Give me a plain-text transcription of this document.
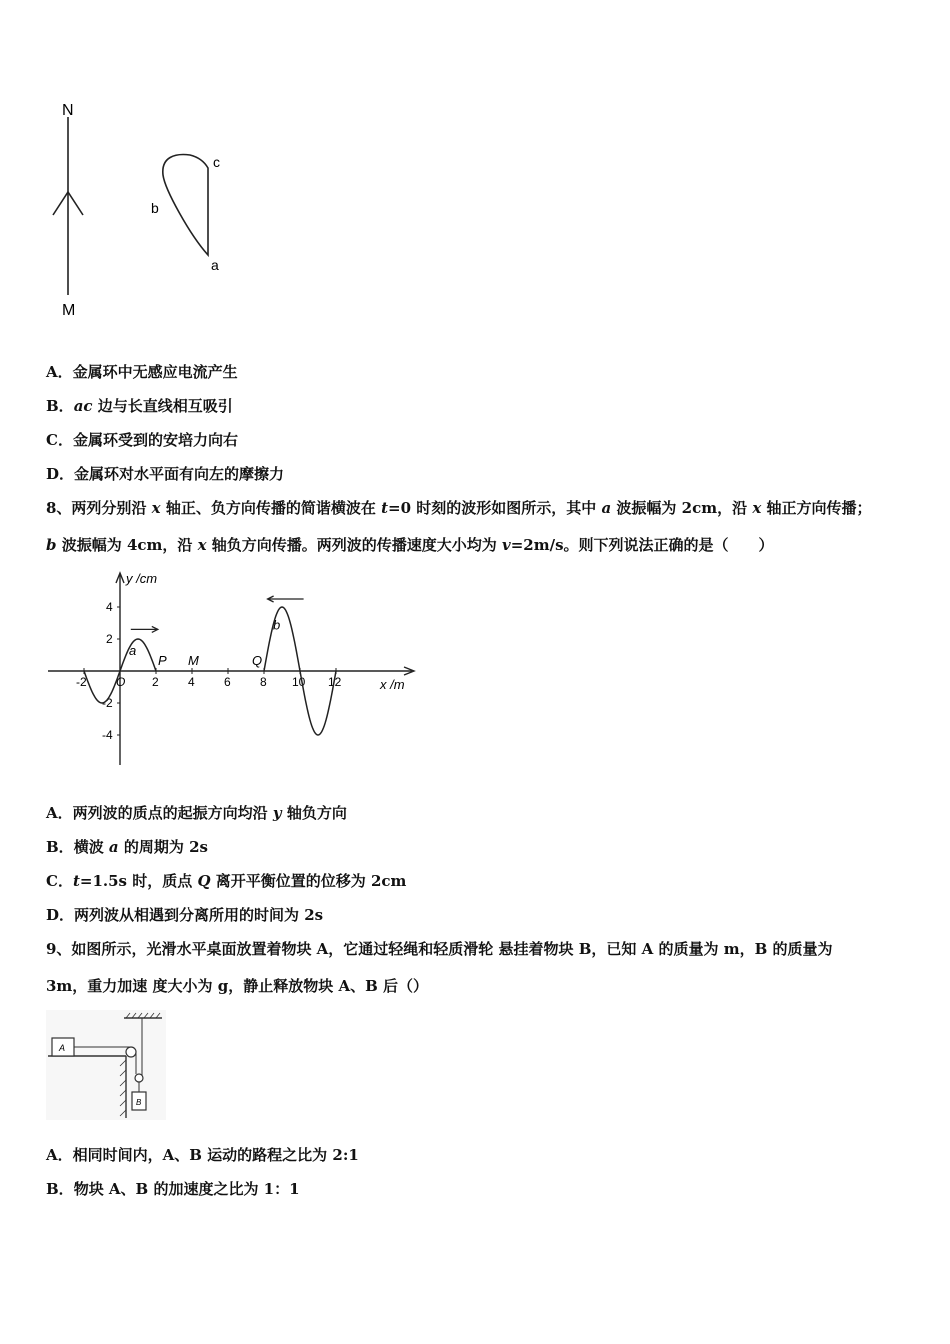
N
M
c
b
a
A．金属环中无感应电流产生
B．ac 边与长直线相互吸引
C．金属环受到的安培力向右
D．金属环对水平面有向左的摩擦力
8、两列分别沿 x 轴正、负方向传播的简谐横波在 t=0 时刻的波形如图所示，其中 a 波振幅为 2cm，沿 x 轴正方向传播；
b 波振幅为 4cm，沿 x 轴负方向传播。两列波的传播速度大小均为 v=2m/s。则下列说法正确的是（　　）
y /cm
x /m
-2 O 2 4 6 8 10 12
4
2
-2
-4
P M	Q
a
b
A．两列波的质点的起振方向均沿 y 轴负方向
B．横波 a 的周期为 2s
C．t=1.5s 时，质点 Q 离开平衡位置的位移为 2cm
D．两列波从相遇到分离所用的时间为 2s
9、如图所示，光滑水平桌面放置着物块 A，它通过轻绳和轻质滑轮 悬挂着物块 B，已知 A 的质量为 m，B 的质量为
3m，重力加速 度大小为 g，静止释放物块 A、B 后（）
A
B
A．相同时间内，A、B 运动的路程之比为 2:1
B．物块 A、B 的加速度之比为 1：1
